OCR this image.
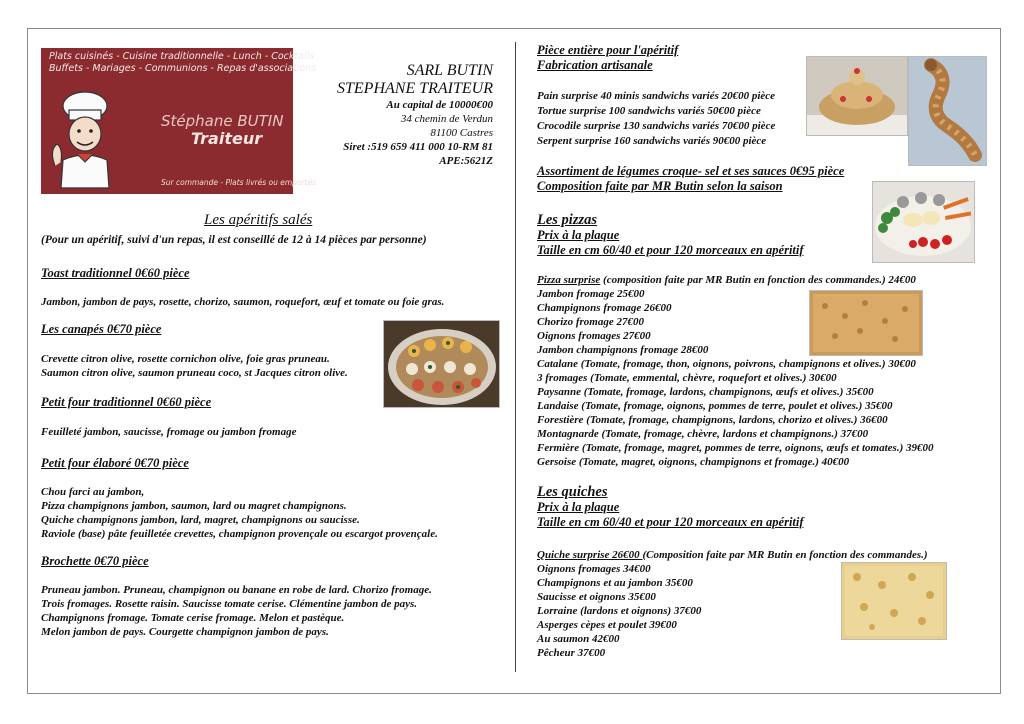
Plats cuisinés - Cuisine traditionnelle - Lunch - Cocktails
Buffets - Mariages - Communions - Repas d'associations
Stéphane BUTIN
Traiteur
Sur commande - Plats livrés ou emportés
SARL BUTIN
STEPHANE TRAITEUR
Au capital de 10000€00
34 chemin de Verdun
81100 Castres
Siret :519 659 411 000 10-RM 81
APE:5621Z
Les apéritifs salés
(Pour un apéritif, suivi d'un repas, il est conseillé de 12 à 14 pièces par personne)
Toast traditionnel 0€60 pièce
Jambon, jambon de pays, rosette, chorizo, saumon, roquefort, œuf et tomate ou foie gras.
Les canapés 0€70 pièce
Crevette citron olive, rosette cornichon olive, foie gras pruneau.
Saumon citron olive, saumon pruneau coco, st Jacques citron olive.
Petit four traditionnel 0€60 pièce
Feuilleté jambon, saucisse, fromage ou jambon fromage
Petit four élaboré 0€70 pièce
Chou farci au jambon,
Pizza champignons jambon, saumon, lard ou magret champignons.
Quiche champignons jambon, lard, magret, champignons ou saucisse.
Raviole (base) pâte feuilletée crevettes, champignon provençale ou escargot provençale.
Brochette 0€70 pièce
Pruneau jambon. Pruneau, champignon ou banane en robe de lard. Chorizo fromage.
Trois fromages. Rosette raisin. Saucisse tomate cerise. Clémentine jambon de pays.
Champignons fromage. Tomate cerise fromage. Melon et pastèque.
Melon jambon de pays. Courgette champignon jambon de pays.
Pièce entière pour l'apéritif
Fabrication artisanale
Pain surprise 40 minis sandwichs variés 20€00 pièce
Tortue surprise 100 sandwichs variés 50€00 pièce
Crocodile surprise 130 sandwichs variés 70€00 pièce
Serpent surprise 160 sandwichs variés 90€00 pièce
Assortiment de légumes croque- sel et ses sauces 0€95 pièce
Composition faite par MR Butin selon la saison
Les pizzas
Prix à la plaque
Taille en cm 60/40 et pour 120 morceaux en apéritif
Pizza surprise (composition faite par MR Butin en fonction des commandes.) 24€00
Jambon fromage 25€00
Champignons fromage 26€00
Chorizo fromage 27€00
Oignons fromages 27€00
Jambon champignons fromage 28€00
Catalane (Tomate, fromage, thon, oignons, poivrons, champignons et olives.) 30€00
3 fromages (Tomate, emmental, chèvre, roquefort et olives.) 30€00
Paysanne (Tomate, fromage, lardons, champignons, œufs et olives.) 35€00
Landaise (Tomate, fromage, oignons, pommes de terre, poulet et olives.) 35€00
Forestière (Tomate, fromage, champignons, lardons, chorizo et olives.) 36€00
Montagnarde (Tomate, fromage, chèvre, lardons et champignons.) 37€00
Fermière (Tomate, fromage, magret, pommes de terre, oignons, œufs et tomates.) 39€00
Gersoise (Tomate, magret, oignons, champignons et fromage.) 40€00
Les quiches
Prix à la plaque
Taille en cm 60/40 et pour 120 morceaux en apéritif
Quiche surprise 26€00 (Composition faite par MR Butin en fonction des commandes.)
Oignons fromages 34€00
Champignons et au jambon 35€00
Saucisse et oignons 35€00
Lorraine (lardons et oignons) 37€00
Asperges cèpes et poulet 39€00
Au saumon 42€00
Pêcheur 37€00
